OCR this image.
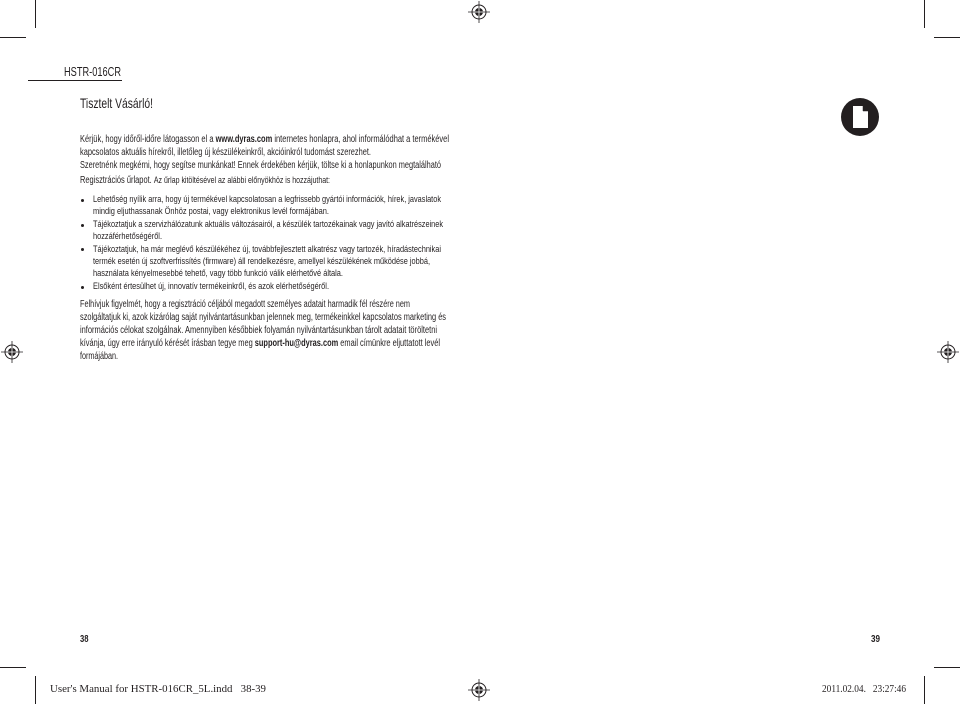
HSTR-016CR
Tisztelt Vásárló!
Kérjük, hogy időről-időre látogasson el a www.dyras.com internetes honlapra, ahol informálódhat a termékével
kapcsolatos aktuális hírekről, illetőleg új készülékeinkről, akcióinkról tudomást szerezhet.
Szeretnénk megkérni, hogy segítse munkánkat! Ennek érdekében kérjük, töltse ki a honlapunkon megtalálható
Regisztrációs űrlapot. Az űrlap kitöltésével az alábbi előnyökhöz is hozzájuthat:
Lehetőség nyílik arra, hogy új termékével kapcsolatosan a legfrissebb gyártói információk, hírek, javaslatok
mindig eljuthassanak Önhöz postai, vagy elektronikus levél formájában.
Tájékoztatjuk a szervizhálózatunk aktuális változásairól, a készülék tartozékainak vagy javító alkatrészeinek
hozzáférhetőségéről.
Tájékoztatjuk, ha már meglévő készülékéhez új, továbbfejlesztett alkatrész vagy tartozék, híradástechnikai
termék esetén új szoftverfrissítés (firmware) áll rendelkezésre, amellyel készülékének működése jobbá,
használata kényelmesebbé tehető, vagy több funkció válik elérhetővé általa.
Elsőként értesülhet új, innovatív termékeinkről, és azok elérhetőségéről.
Felhívjuk figyelmét, hogy a regisztráció céljából megadott személyes adatait harmadik fél részére nem
szolgáltatjuk ki, azok kizárólag saját nyilvántartásunkban jelennek meg, termékeinkkel kapcsolatos marketing és
információs célokat szolgálnak. Amennyiben későbbiek folyamán nyilvántartásunkban tárolt adatait töröltetni
kívánja, úgy erre irányuló kérését írásban tegye meg support-hu@dyras.com email címünkre eljuttatott levél
formájában.
38	39
User's Manual for HSTR-016CR_5L.indd   38-39	2011.02.04.   23:27:46
